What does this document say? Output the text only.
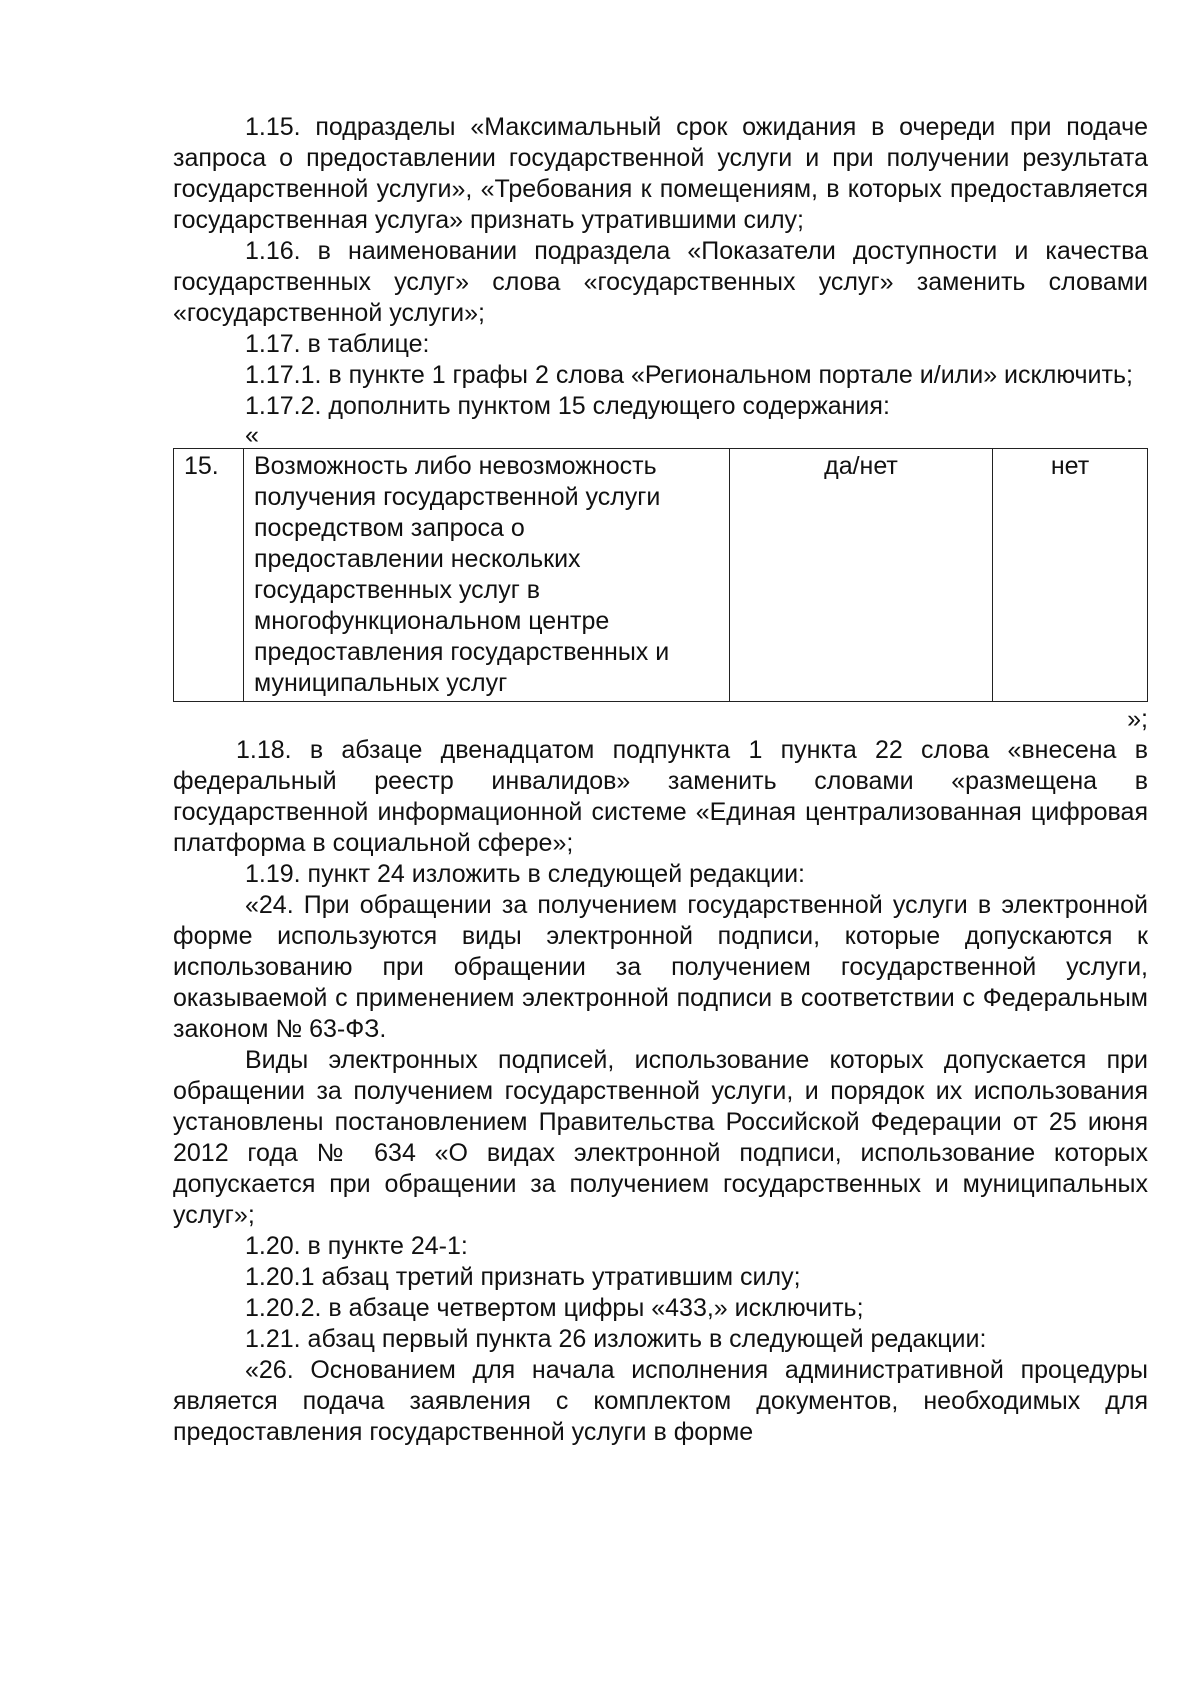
1.15. подразделы «Максимальный срок ожидания в очереди при подаче запроса о предоставлении государственной услуги и при получении результата государственной услуги», «Требования к помещениям, в которых предоставляется государственная услуга» признать утратившими силу;

1.16. в наименовании подраздела «Показатели доступности и качества государственных услуг» слова «государственных услуг» заменить словами «государственной услуги»;

1.17. в таблице:

1.17.1. в пункте 1 графы 2 слова «Региональном портале и/или» исключить;

1.17.2. дополнить пунктом 15 следующего содержания:

«
15.	Возможность либо невозможность получения государственной услуги посредством запроса о предоставлении нескольких государственных услуг в многофункциональном центре предоставления государственных и муниципальных услуг	да/нет	нет
»;

1.18. в абзаце двенадцатом подпункта 1 пункта 22 слова «внесена в федеральный реестр инвалидов» заменить словами «размещена в государственной информационной системе «Единая централизованная цифровая платформа в социальной сфере»;

1.19. пункт 24 изложить в следующей редакции:

«24. При обращении за получением государственной услуги в электронной форме используются виды электронной подписи, которые допускаются к использованию при обращении за получением государственной услуги, оказываемой с применением электронной подписи в соответствии с Федеральным законом № 63-ФЗ.

Виды электронных подписей, использование которых допускается при обращении за получением государственной услуги, и порядок их использования установлены постановлением Правительства Российской Федерации от 25 июня 2012 года № 634 «О видах электронной подписи, использование которых допускается при обращении за получением государственных и муниципальных услуг»;

1.20. в пункте 24-1:

1.20.1 абзац третий признать утратившим силу;

1.20.2. в абзаце четвертом цифры «433,» исключить;

1.21. абзац первый пункта 26 изложить в следующей редакции:

«26. Основанием для начала исполнения административной процедуры является подача заявления с комплектом документов, необходимых для предоставления государственной услуги в форме
